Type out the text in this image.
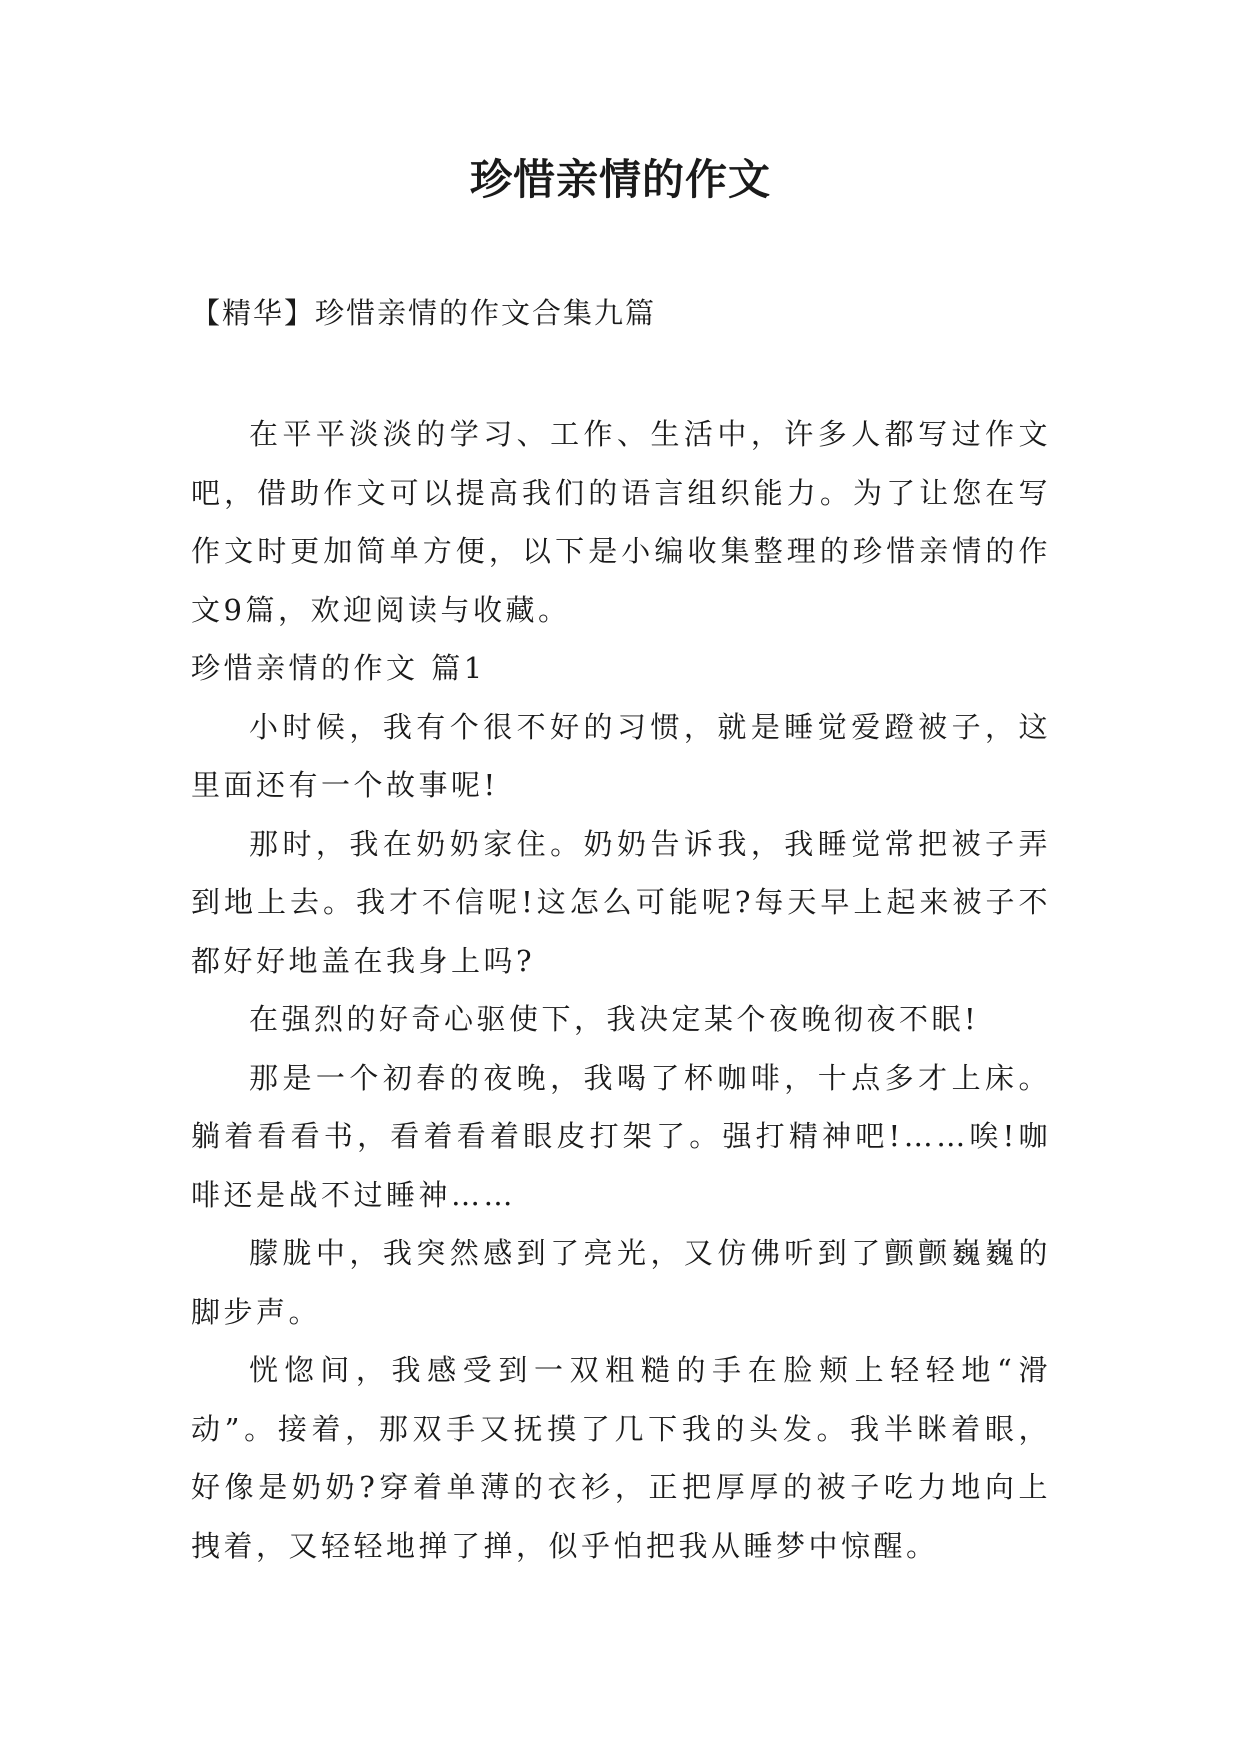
珍惜亲情的作文
【精华】珍惜亲情的作文合集九篇

在平平淡淡的学习、工作、生活中，许多人都写过作文吧，借助作文可以提高我们的语言组织能力。为了让您在写作文时更加简单方便，以下是小编收集整理的珍惜亲情的作文9篇，欢迎阅读与收藏。

珍惜亲情的作文 篇1

小时候，我有个很不好的习惯，就是睡觉爱蹬被子，这里面还有一个故事呢!

那时，我在奶奶家住。奶奶告诉我，我睡觉常把被子弄到地上去。我才不信呢!这怎么可能呢?每天早上起来被子不都好好地盖在我身上吗?

在强烈的好奇心驱使下，我决定某个夜晚彻夜不眠!

那是一个初春的夜晚，我喝了杯咖啡，十点多才上床。躺着看看书，看着看着眼皮打架了。强打精神吧!……唉!咖啡还是战不过睡神……

朦胧中，我突然感到了亮光，又仿佛听到了颤颤巍巍的脚步声。

恍惚间，我感受到一双粗糙的手在脸颊上轻轻地“滑动”。接着，那双手又抚摸了几下我的头发。我半眯着眼，好像是奶奶?穿着单薄的衣衫，正把厚厚的被子吃力地向上拽着，又轻轻地掸了掸，似乎怕把我从睡梦中惊醒。
